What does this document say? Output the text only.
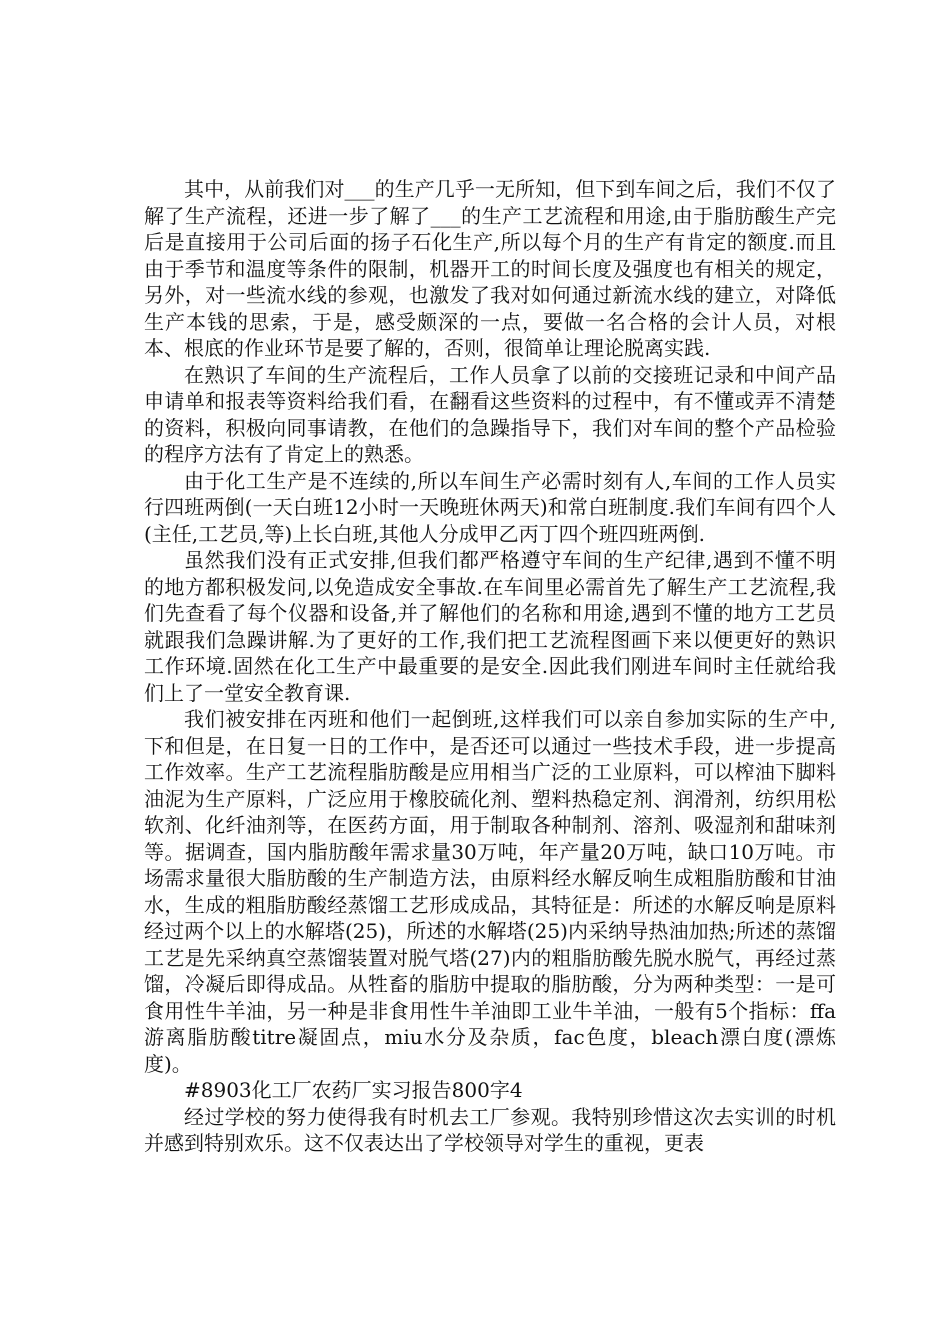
其中，从前我们对___的生产几乎一无所知，但下到车间之后，我们不仅了解了生产流程，还进一步了解了___的生产工艺流程和用途,由于脂肪酸生产完后是直接用于公司后面的扬子石化生产,所以每个月的生产有肯定的额度.而且由于季节和温度等条件的限制，机器开工的时间长度及强度也有相关的规定，另外，对一些流水线的参观，也激发了我对如何通过新流水线的建立，对降低生产本钱的思索，于是，感受颇深的一点，要做一名合格的会计人员，对根本、根底的作业环节是要了解的，否则，很简单让理论脱离实践.

在熟识了车间的生产流程后，工作人员拿了以前的交接班记录和中间产品申请单和报表等资料给我们看，在翻看这些资料的过程中，有不懂或弄不清楚的资料，积极向同事请教，在他们的急躁指导下，我们对车间的整个产品检验的程序方法有了肯定上的熟悉。

由于化工生产是不连续的,所以车间生产必需时刻有人,车间的工作人员实行四班两倒(一天白班12小时一天晚班休两天)和常白班制度.我们车间有四个人(主任,工艺员,等)上长白班,其他人分成甲乙丙丁四个班四班两倒.

虽然我们没有正式安排,但我们都严格遵守车间的生产纪律,遇到不懂不明的地方都积极发问,以免造成安全事故.在车间里必需首先了解生产工艺流程,我们先查看了每个仪器和设备,并了解他们的名称和用途,遇到不懂的地方工艺员就跟我们急躁讲解.为了更好的工作,我们把工艺流程图画下来以便更好的熟识工作环境.固然在化工生产中最重要的是安全.因此我们刚进车间时主任就给我们上了一堂安全教育课.

我们被安排在丙班和他们一起倒班,这样我们可以亲自参加实际的生产中,下和但是，在日复一日的工作中，是否还可以通过一些技术手段，进一步提高工作效率。生产工艺流程脂肪酸是应用相当广泛的工业原料，可以榨油下脚料油泥为生产原料，广泛应用于橡胶硫化剂、塑料热稳定剂、润滑剂，纺织用松软剂、化纤油剂等，在医药方面，用于制取各种制剂、溶剂、吸湿剂和甜味剂等。据调查，国内脂肪酸年需求量30万吨，年产量20万吨，缺口10万吨。市场需求量很大脂肪酸的生产制造方法，由原料经水解反响生成粗脂肪酸和甘油水，生成的粗脂肪酸经蒸馏工艺形成成品，其特征是：所述的水解反响是原料经过两个以上的水解塔(25)，所述的水解塔(25)内采纳导热油加热;所述的蒸馏工艺是先采纳真空蒸馏装置对脱气塔(27)内的粗脂肪酸先脱水脱气，再经过蒸馏，冷凝后即得成品。从牲畜的脂肪中提取的脂肪酸，分为两种类型：一是可食用性牛羊油，另一种是非食用性牛羊油即工业牛羊油，一般有5个指标：ffa游离脂肪酸titre凝固点，miu水分及杂质，fac色度，bleach漂白度(漂炼度)。

#8903化工厂农药厂实习报告800字4

经过学校的努力使得我有时机去工厂参观。我特别珍惜这次去实训的时机并感到特别欢乐。这不仅表达出了学校领导对学生的重视，更表
